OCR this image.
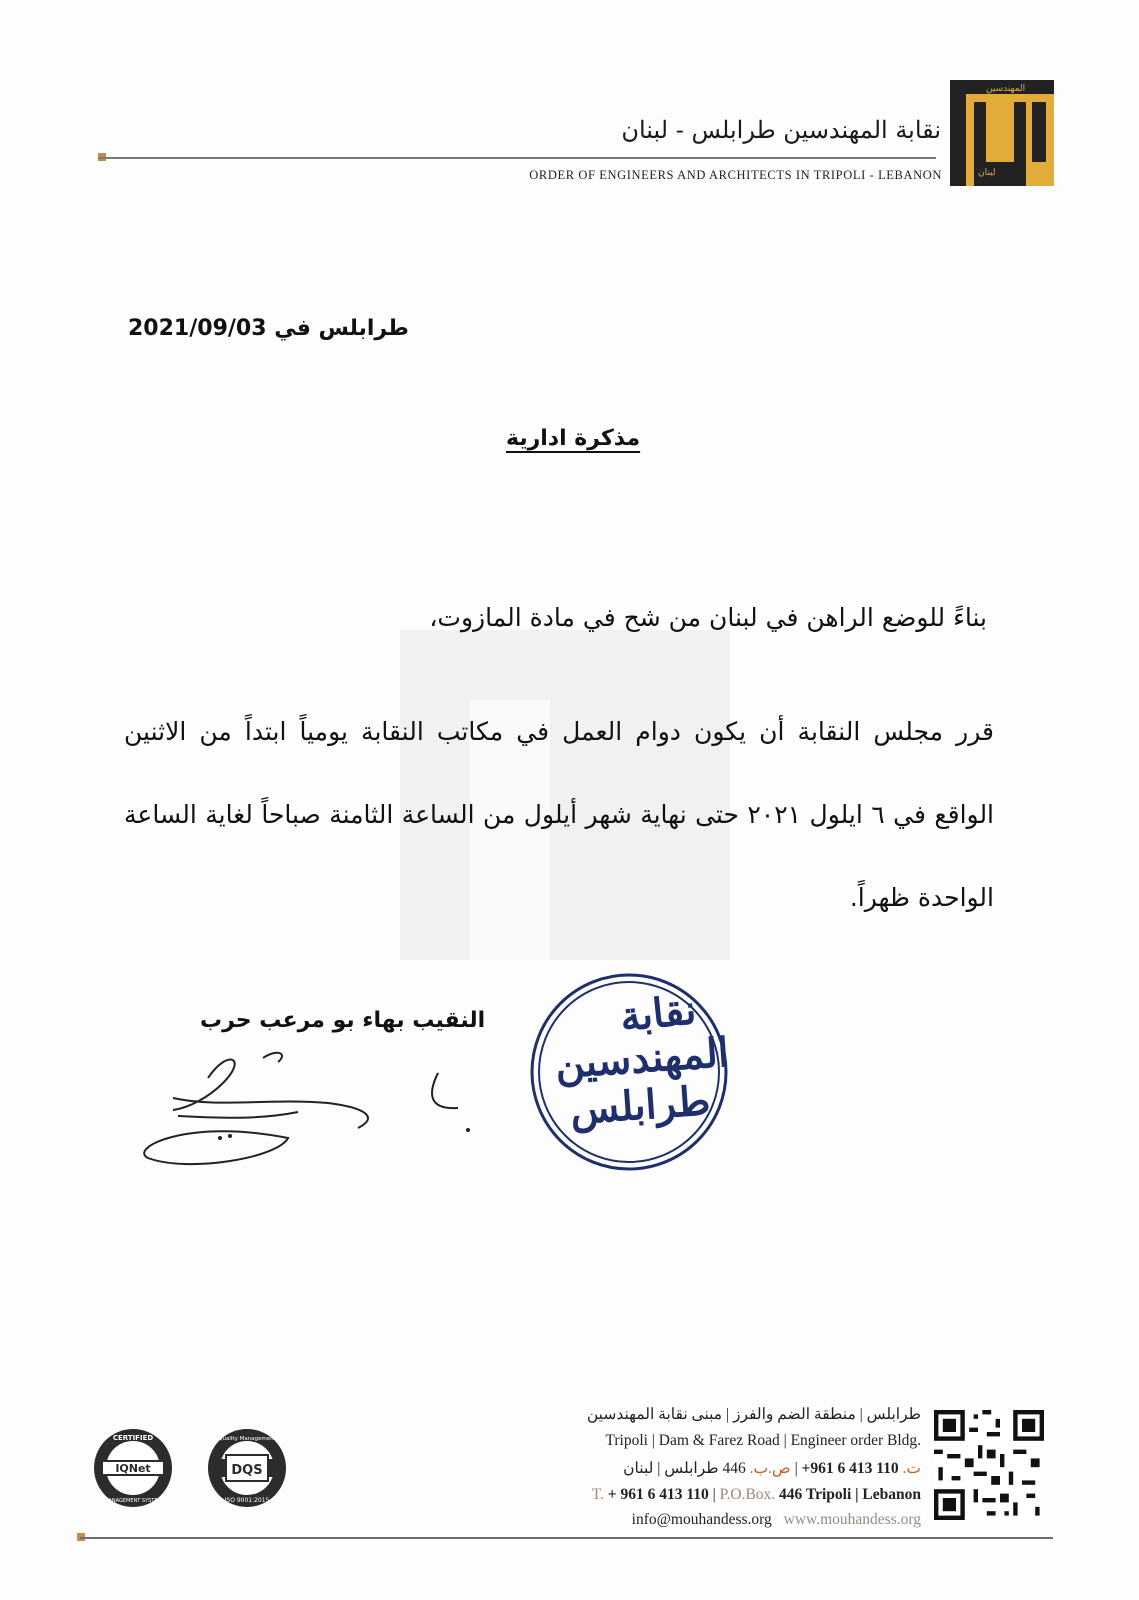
المهندسين
لبنان
نقابة المهندسين طرابلس - لبنان
ORDER OF ENGINEERS AND ARCHITECTS IN TRIPOLI - LEBANON
طرابلس في 2021/09/03
مذكرة ادارية
بناءً للوضع الراهن في لبنان من شح في مادة المازوت،
قرر مجلس النقابة أن يكون دوام العمل في مكاتب النقابة يومياً ابتداً من الاثنين الواقع في ٦ ايلول ٢٠٢١ حتى نهاية شهر أيلول من الساعة الثامنة صباحاً لغاية الساعة الواحدة ظهراً.
النقيب بهاء بو مرعب حرب	نقابة
المهندسين
طرابلس
IQNet
CERTIFIED
MANAGEMENT SYSTEM
DQS
Quality Management
ISO 9001:2015
طرابلس | منطقة الضم والفرز | مبنى نقابة المهندسين
Tripoli | Dam & Farez Road | Engineer order Bldg.
ت. +961 6 413 110 | ص.ب. 446 طرابلس | لبنان
T. + 961 6 413 110 | P.O.Box. 446 Tripoli | Lebanon
info@mouhandess.org www.mouhandess.org
